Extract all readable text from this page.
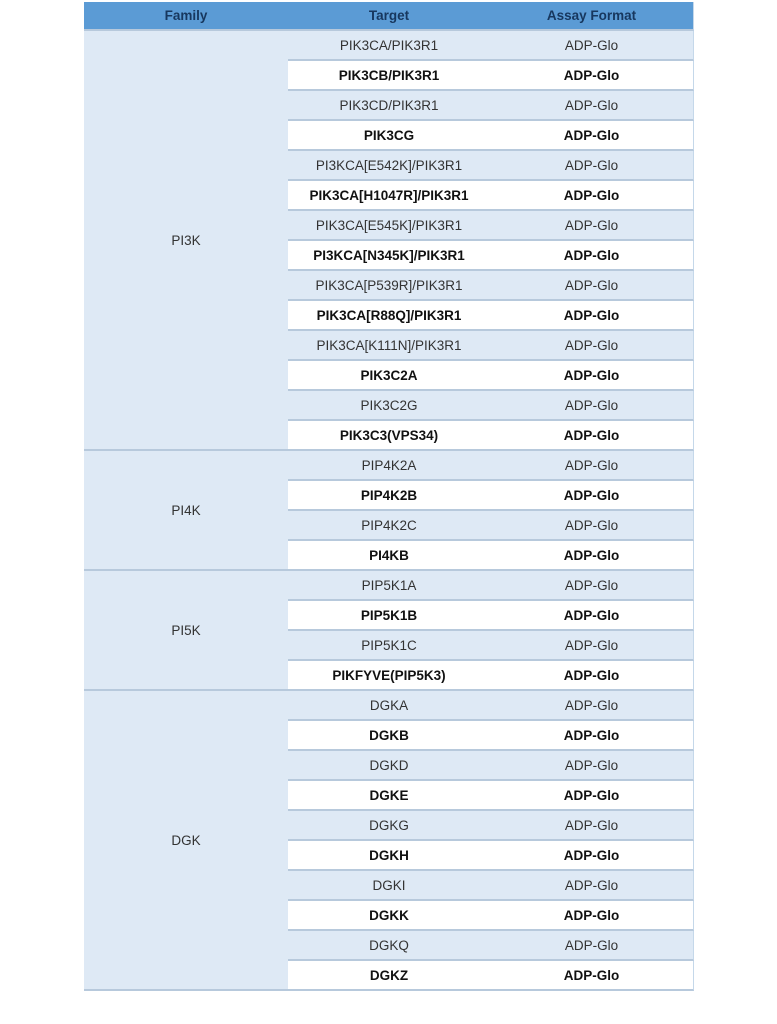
Family	Target	Assay Format
PI3K	PIK3CA/PIK3R1	ADP-Glo
	PIK3CB/PIK3R1	ADP-Glo
	PIK3CD/PIK3R1	ADP-Glo
	PIK3CG	ADP-Glo
	PI3KCA[E542K]/PIK3R1	ADP-Glo
	PIK3CA[H1047R]/PIK3R1	ADP-Glo
	PIK3CA[E545K]/PIK3R1	ADP-Glo
	PI3KCA[N345K]/PIK3R1	ADP-Glo
	PIK3CA[P539R]/PIK3R1	ADP-Glo
	PIK3CA[R88Q]/PIK3R1	ADP-Glo
	PIK3CA[K111N]/PIK3R1	ADP-Glo
	PIK3C2A	ADP-Glo
	PIK3C2G	ADP-Glo
	PIK3C3(VPS34)	ADP-Glo
PI4K	PIP4K2A	ADP-Glo
	PIP4K2B	ADP-Glo
	PIP4K2C	ADP-Glo
	PI4KB	ADP-Glo
PI5K	PIP5K1A	ADP-Glo
	PIP5K1B	ADP-Glo
	PIP5K1C	ADP-Glo
	PIKFYVE(PIP5K3)	ADP-Glo
DGK	DGKA	ADP-Glo
	DGKB	ADP-Glo
	DGKD	ADP-Glo
	DGKE	ADP-Glo
	DGKG	ADP-Glo
	DGKH	ADP-Glo
	DGKI	ADP-Glo
	DGKK	ADP-Glo
	DGKQ	ADP-Glo
	DGKZ	ADP-Glo
